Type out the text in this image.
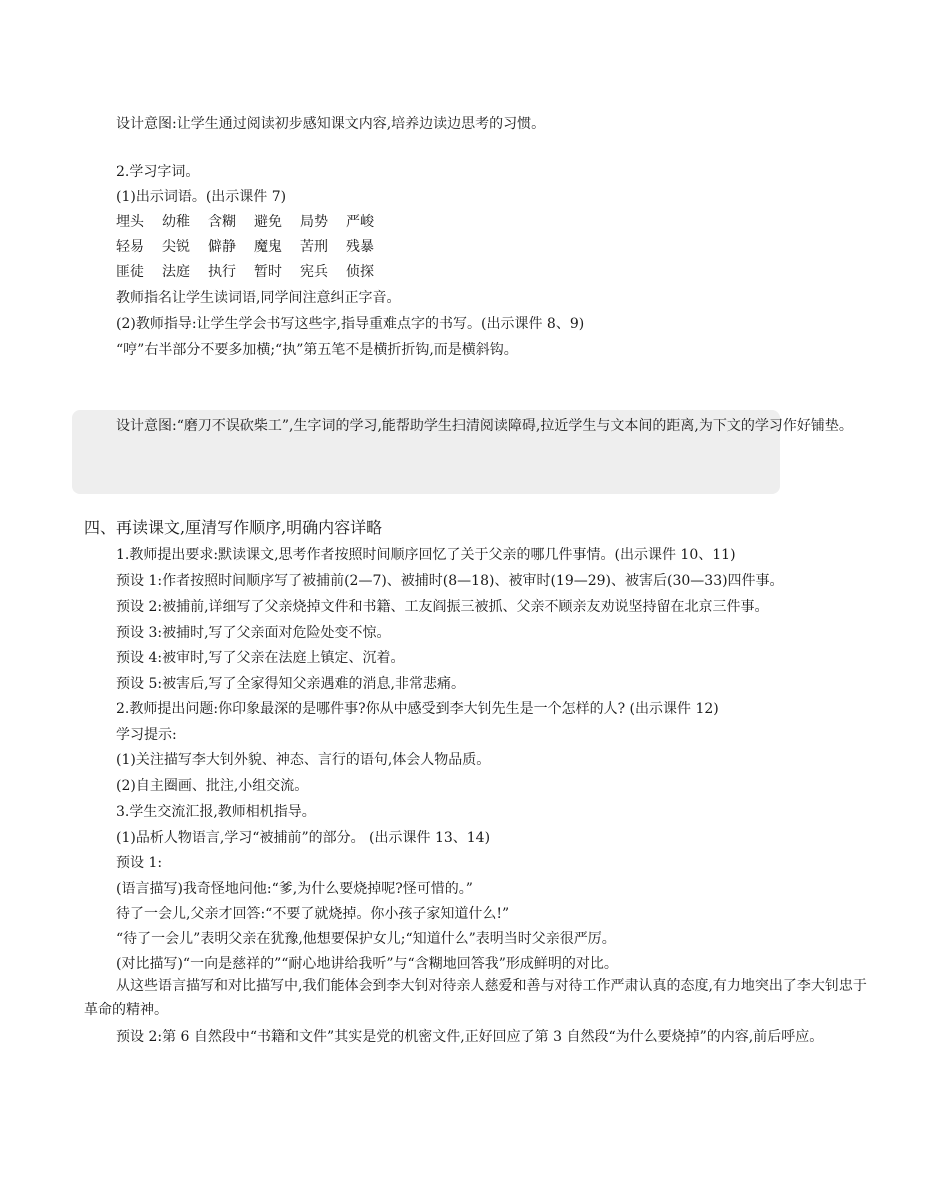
设计意图:让学生通过阅读初步感知课文内容,培养边读边思考的习惯。
2.学习字词。
(1)出示词语。(出示课件 7)
埋头 幼稚 含糊 避免 局势 严峻
轻易 尖锐 僻静 魔鬼 苦刑 残暴
匪徒 法庭 执行 暂时 宪兵 侦探
教师指名让学生读词语,同学间注意纠正字音。
(2)教师指导:让学生学会书写这些字,指导重难点字的书写。(出示课件 8、9)
“哼”右半部分不要多加横;“执”第五笔不是横折折钩,而是横斜钩。
设计意图:“磨刀不误砍柴工”,生字词的学习,能帮助学生扫清阅读障碍,拉近学生与文本间的距离,为下文的学习作好铺垫。
四、再读课文,厘清写作顺序,明确内容详略
1.教师提出要求:默读课文,思考作者按照时间顺序回忆了关于父亲的哪几件事情。(出示课件 10、11)
预设 1:作者按照时间顺序写了被捕前(2—7)、被捕时(8—18)、被审时(19—29)、被害后(30—33)四件事。
预设 2:被捕前,详细写了父亲烧掉文件和书籍、工友阎振三被抓、父亲不顾亲友劝说坚持留在北京三件事。
预设 3:被捕时,写了父亲面对危险处变不惊。
预设 4:被审时,写了父亲在法庭上镇定、沉着。
预设 5:被害后,写了全家得知父亲遇难的消息,非常悲痛。
2.教师提出问题:你印象最深的是哪件事?你从中感受到李大钊先生是一个怎样的人? (出示课件 12)
学习提示:
(1)关注描写李大钊外貌、神态、言行的语句,体会人物品质。
(2)自主圈画、批注,小组交流。
3.学生交流汇报,教师相机指导。
(1)品析人物语言,学习“被捕前”的部分。 (出示课件 13、14)
预设 1:
(语言描写)我奇怪地问他:“爹,为什么要烧掉呢?怪可惜的。”
待了一会儿,父亲才回答:“不要了就烧掉。你小孩子家知道什么!”
“待了一会儿”表明父亲在犹豫,他想要保护女儿;“知道什么”表明当时父亲很严厉。
(对比描写)“一向是慈祥的”“耐心地讲给我听”与“含糊地回答我”形成鲜明的对比。
从这些语言描写和对比描写中,我们能体会到李大钊对待亲人慈爱和善与对待工作严肃认真的态度,有力地突出了李大钊忠于革命的精神。
预设 2:第 6 自然段中“书籍和文件”其实是党的机密文件,正好回应了第 3 自然段“为什么要烧掉”的内容,前后呼应。
